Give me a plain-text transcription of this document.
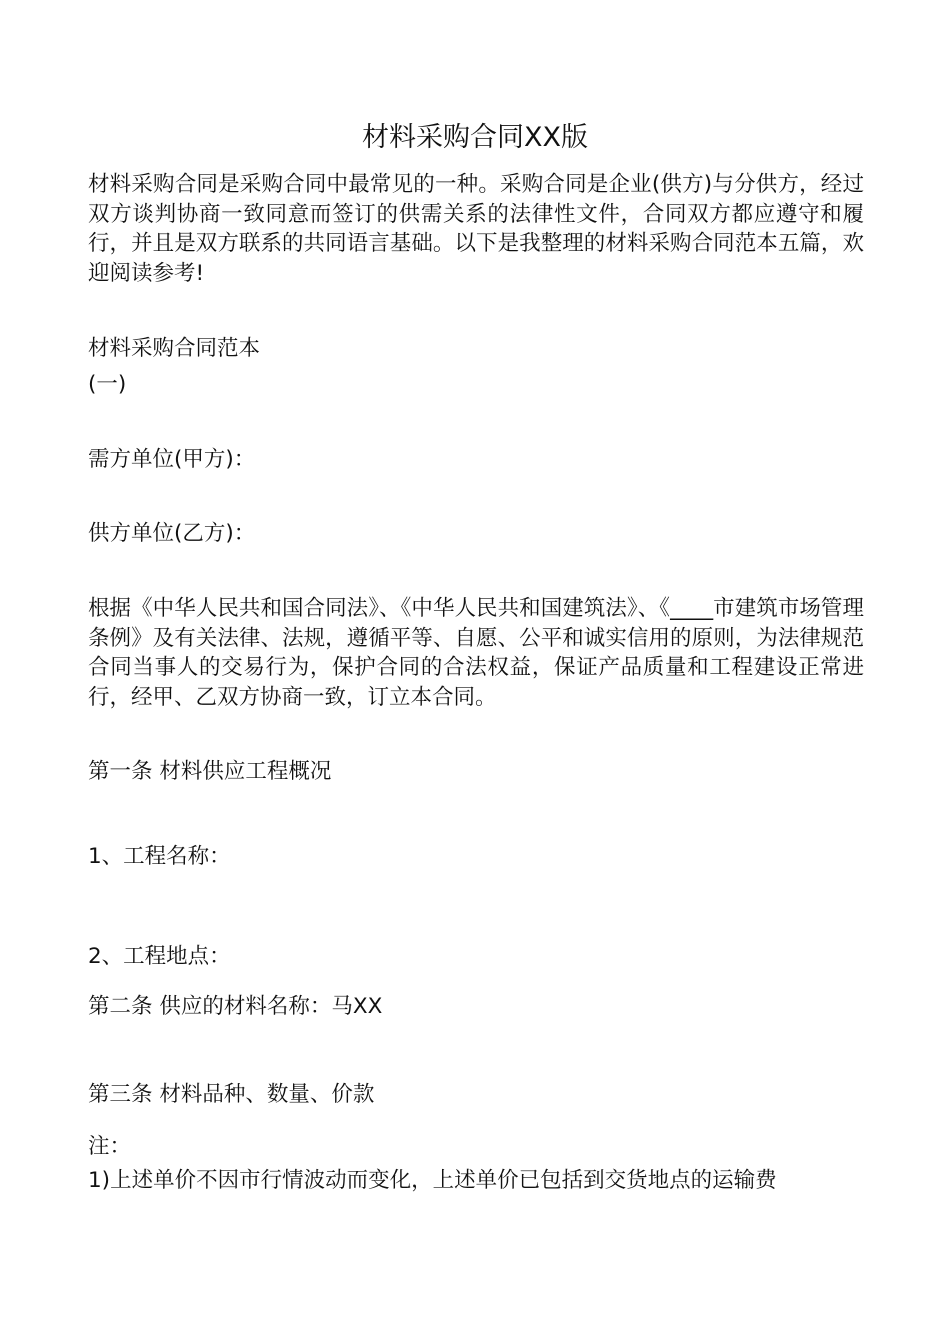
材料采购合同XX版
材料采购合同是采购合同中最常见的一种。采购合同是企业(供方)与分供方，经过双方谈判协商一致同意而签订的供需关系的法律性文件，合同双方都应遵守和履行，并且是双方联系的共同语言基础。以下是我整理的材料采购合同范本五篇，欢迎阅读参考!
材料采购合同范本
(一)
需方单位(甲方)：
供方单位(乙方)：
根据《中华人民共和国合同法》、《中华人民共和国建筑法》、《____市建筑市场管理条例》及有关法律、法规，遵循平等、自愿、公平和诚实信用的原则，为法律规范合同当事人的交易行为，保护合同的合法权益，保证产品质量和工程建设正常进行，经甲、乙双方协商一致，订立本合同。
第一条 材料供应工程概况
1、工程名称：
2、工程地点：
第二条 供应的材料名称：马XX
第三条 材料品种、数量、价款
注：
1)上述单价不因市行情波动而变化，上述单价已包括到交货地点的运输费
